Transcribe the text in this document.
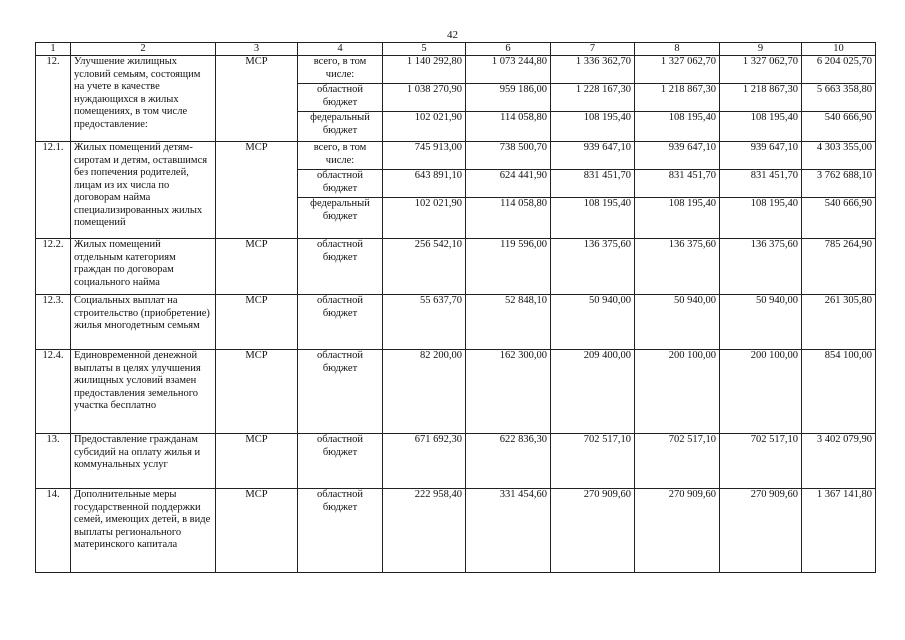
42
1	2	3	4	5	6	7	8	9	10
12.	Улучшение жилищных условий семьям, состоящим на учете в качестве нуждающихся в жилых помещениях, в том числе предоставление:	МСР	всего, в том числе:	1 140 292,80	1 073 244,80	1 336 362,70	1 327 062,70	1 327 062,70	6 204 025,70
			областной бюджет	1 038 270,90	959 186,00	1 228 167,30	1 218 867,30	1 218 867,30	5 663 358,80
			федеральный бюджет	102 021,90	114 058,80	108 195,40	108 195,40	108 195,40	540 666,90
12.1.	Жилых помещений детям-сиротам и детям, оставшимся без попечения родителей, лицам из их числа по договорам найма специализированных жилых помещений	МСР	всего, в том числе:	745 913,00	738 500,70	939 647,10	939 647,10	939 647,10	4 303 355,00
			областной бюджет	643 891,10	624 441,90	831 451,70	831 451,70	831 451,70	3 762 688,10
			федеральный бюджет	102 021,90	114 058,80	108 195,40	108 195,40	108 195,40	540 666,90
12.2.	Жилых помещений отдельным категориям граждан по договорам социального найма	МСР	областной бюджет	256 542,10	119 596,00	136 375,60	136 375,60	136 375,60	785 264,90
12.3.	Социальных выплат на строительство (приобретение) жилья многодетным семьям	МСР	областной бюджет	55 637,70	52 848,10	50 940,00	50 940,00	50 940,00	261 305,80
12.4.	Единовременной денежной выплаты в целях улучшения жилищных условий взамен предоставления земельного участка бесплатно	МСР	областной бюджет	82 200,00	162 300,00	209 400,00	200 100,00	200 100,00	854 100,00
13.	Предоставление гражданам субсидий на оплату жилья и коммунальных услуг	МСР	областной бюджет	671 692,30	622 836,30	702 517,10	702 517,10	702 517,10	3 402 079,90
14.	Дополнительные меры государственной поддержки семей, имеющих детей, в виде выплаты регионального материнского капитала	МСР	областной бюджет	222 958,40	331 454,60	270 909,60	270 909,60	270 909,60	1 367 141,80
